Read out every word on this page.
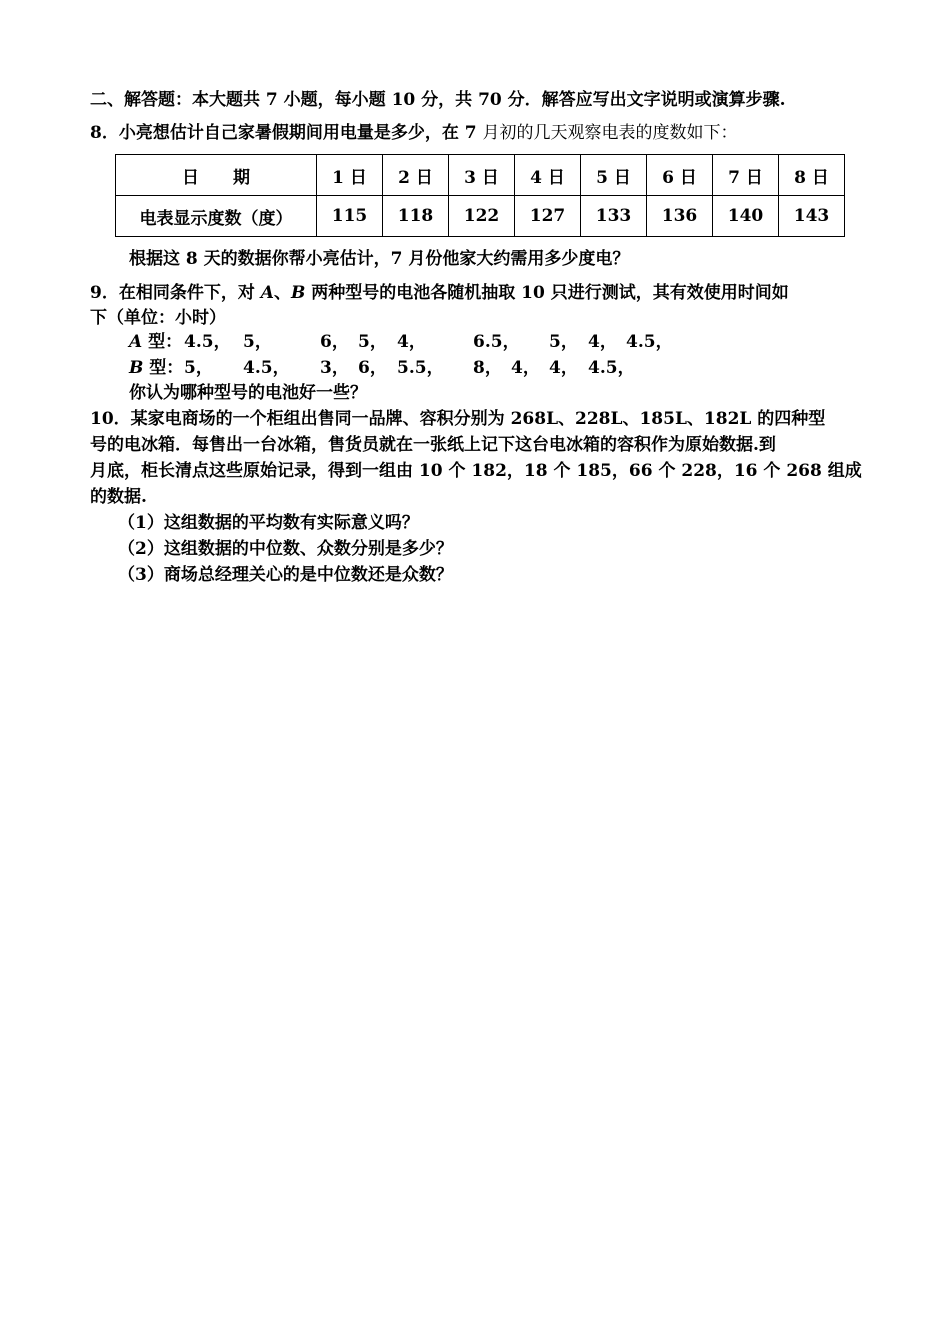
二、解答题：本大题共 7 小题，每小题 10 分，共 70 分．解答应写出文字说明或演算步骤.
8．小亮想估计自己家暑假期间用电量是多少，在 7 月初的几天观察电表的度数如下：
日　　期	1 日	2 日	3 日	4 日	5 日	6 日	7 日	8 日
电表显示度数（度）	115	118	122	127	133	136	140	143
根据这 8 天的数据你帮小亮估计，7 月份他家大约需用多少度电？
9．在相同条件下，对 A、B 两种型号的电池各随机抽取 10 只进行测试，其有效使用时间如
下（单位：小时）
A 型： 4.5， 5，	6， 5， 4，	6.5， 5， 4， 4.5，
B 型： 5， 4.5， 3， 6， 5.5， 8， 4， 4， 4.5，
你认为哪种型号的电池好一些？
10．某家电商场的一个柜组出售同一品牌、容积分别为 268L、228L、185L、182L 的四种型
号的电冰箱．每售出一台冰箱，售货员就在一张纸上记下这台电冰箱的容积作为原始数据.到
月底，柜长清点这些原始记录，得到一组由 10 个 182，18 个 185，66 个 228，16 个 268 组成
的数据.
（1）这组数据的平均数有实际意义吗？
（2）这组数据的中位数、众数分别是多少？
（3）商场总经理关心的是中位数还是众数？
